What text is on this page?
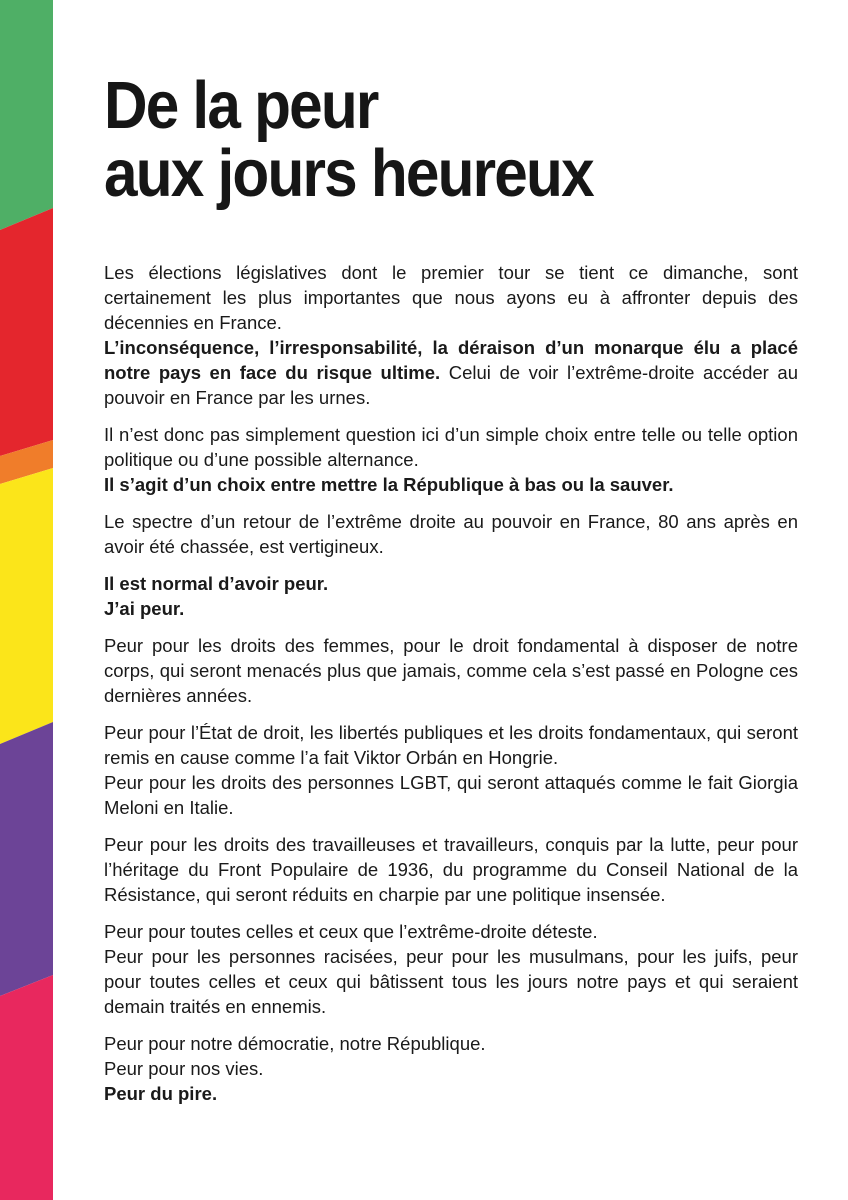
De la peur
aux jours heureux

Les élections législatives dont le premier tour se tient ce dimanche, sont certainement les plus importantes que nous ayons eu à affronter depuis des décennies en France.
L’inconséquence, l’irresponsabilité, la déraison d’un monarque élu a placé notre pays en face du risque ultime. Celui de voir l’extrême-droite accéder au pouvoir en France par les urnes.

Il n’est donc pas simplement question ici d’un simple choix entre telle ou telle option politique ou d’une possible alternance.
Il s’agit d’un choix entre mettre la République à bas ou la sauver.

Le spectre d’un retour de l’extrême droite au pouvoir en France, 80 ans après en avoir été chassée, est vertigineux.

Il est normal d’avoir peur.
J’ai peur.

Peur pour les droits des femmes, pour le droit fondamental à disposer de notre corps, qui seront menacés plus que jamais, comme cela s’est passé en Pologne ces dernières années.

Peur pour l’État de droit, les libertés publiques et les droits fondamentaux, qui seront remis en cause comme l’a fait Viktor Orbán en Hongrie.
Peur pour les droits des personnes LGBT, qui seront attaqués comme le fait Giorgia Meloni en Italie.

Peur pour les droits des travailleuses et travailleurs, conquis par la lutte, peur pour l’héritage du Front Populaire de 1936, du programme du Conseil National de la Résistance, qui seront réduits en charpie par une politique insensée.

Peur pour toutes celles et ceux que l’extrême-droite déteste.
Peur pour les personnes racisées, peur pour les musulmans, pour les juifs, peur pour toutes celles et ceux qui bâtissent tous les jours notre pays et qui seraient demain traités en ennemis.

Peur pour notre démocratie, notre République.
Peur pour nos vies.
Peur du pire.
